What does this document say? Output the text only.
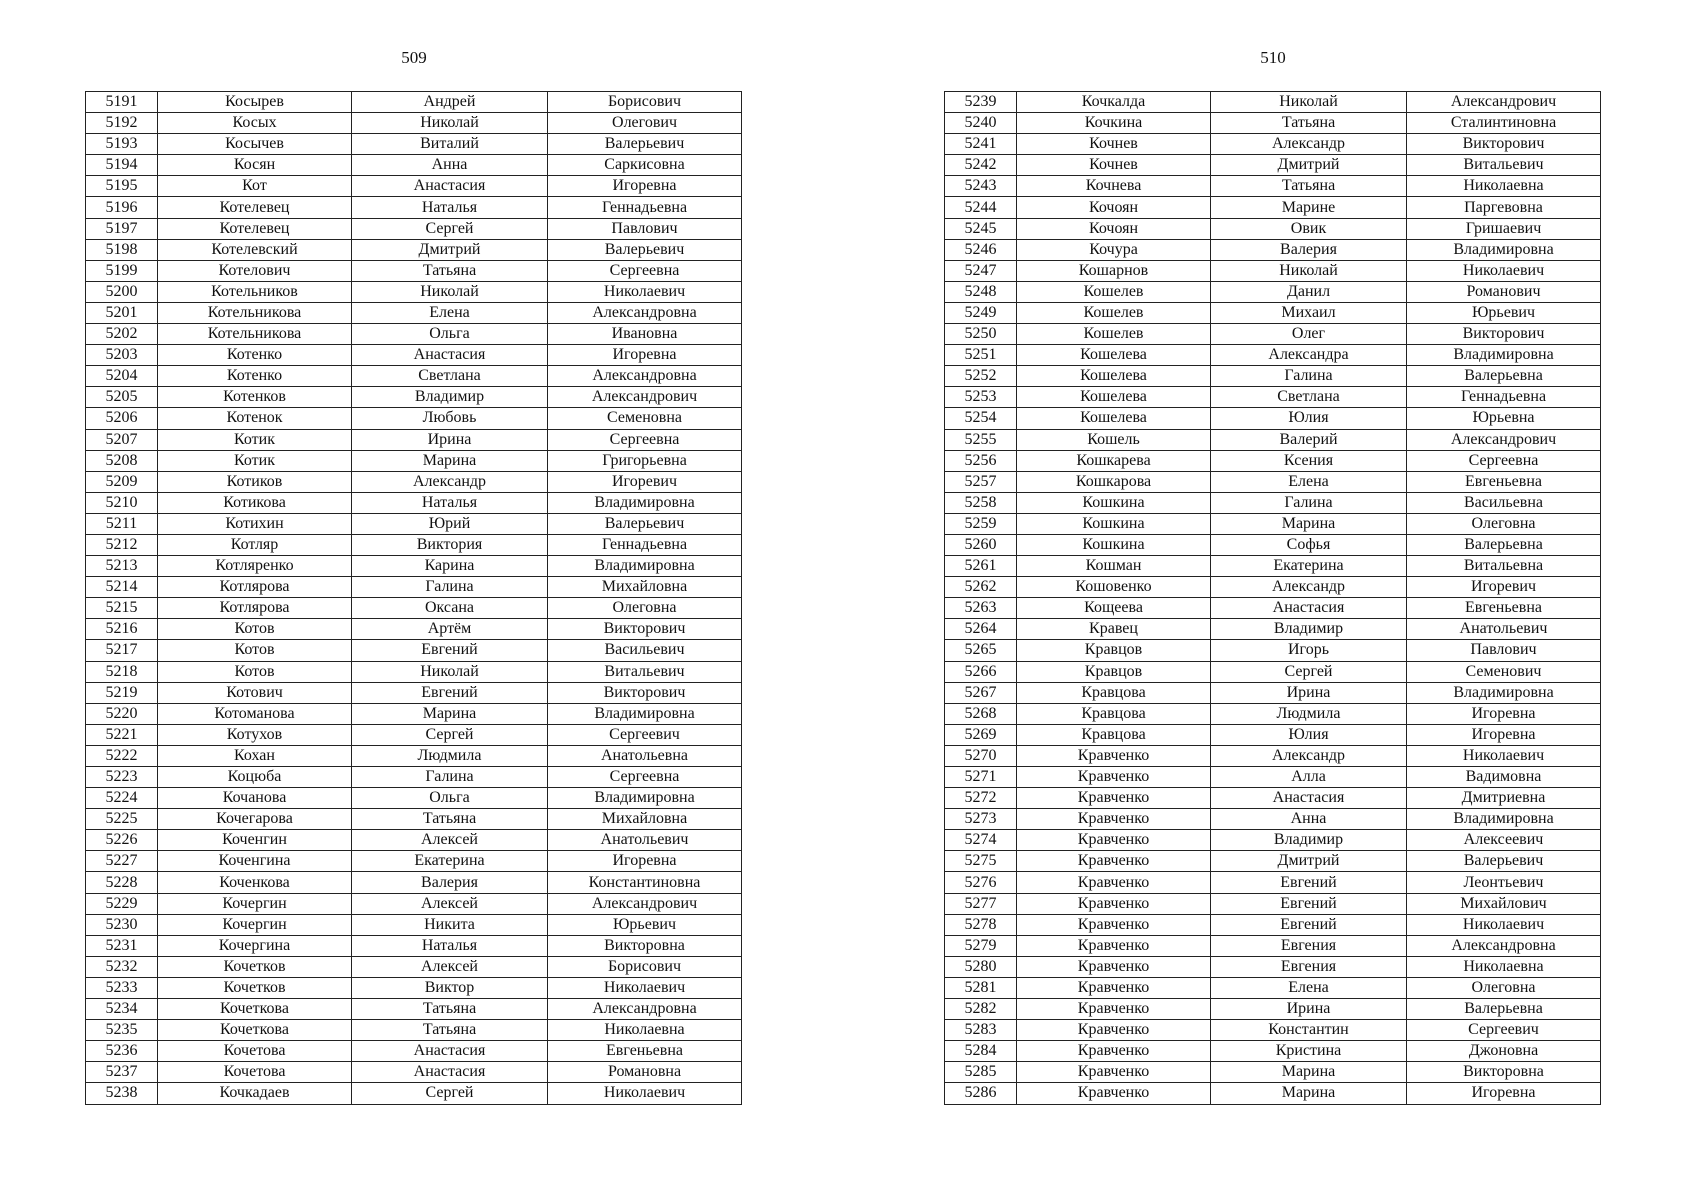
509
5191	Косырев	Андрей	Борисович
5192	Косых	Николай	Олегович
5193	Косычев	Виталий	Валерьевич
5194	Косян	Анна	Саркисовна
5195	Кот	Анастасия	Игоревна
5196	Котелевец	Наталья	Геннадьевна
5197	Котелевец	Сергей	Павлович
5198	Котелевский	Дмитрий	Валерьевич
5199	Котелович	Татьяна	Сергеевна
5200	Котельников	Николай	Николаевич
5201	Котельникова	Елена	Александровна
5202	Котельникова	Ольга	Ивановна
5203	Котенко	Анастасия	Игоревна
5204	Котенко	Светлана	Александровна
5205	Котенков	Владимир	Александрович
5206	Котенок	Любовь	Семеновна
5207	Котик	Ирина	Сергеевна
5208	Котик	Марина	Григорьевна
5209	Котиков	Александр	Игоревич
5210	Котикова	Наталья	Владимировна
5211	Котихин	Юрий	Валерьевич
5212	Котляр	Виктория	Геннадьевна
5213	Котляренко	Карина	Владимировна
5214	Котлярова	Галина	Михайловна
5215	Котлярова	Оксана	Олеговна
5216	Котов	Артём	Викторович
5217	Котов	Евгений	Васильевич
5218	Котов	Николай	Витальевич
5219	Котович	Евгений	Викторович
5220	Котоманова	Марина	Владимировна
5221	Котухов	Сергей	Сергеевич
5222	Кохан	Людмила	Анатольевна
5223	Коцюба	Галина	Сергеевна
5224	Кочанова	Ольга	Владимировна
5225	Кочегарова	Татьяна	Михайловна
5226	Коченгин	Алексей	Анатольевич
5227	Коченгина	Екатерина	Игоревна
5228	Коченкова	Валерия	Константиновна
5229	Кочергин	Алексей	Александрович
5230	Кочергин	Никита	Юрьевич
5231	Кочергина	Наталья	Викторовна
5232	Кочетков	Алексей	Борисович
5233	Кочетков	Виктор	Николаевич
5234	Кочеткова	Татьяна	Александровна
5235	Кочеткова	Татьяна	Николаевна
5236	Кочетова	Анастасия	Евгеньевна
5237	Кочетова	Анастасия	Романовна
5238	Кочкадаев	Сергей	Николаевич
510
5239	Кочкалда	Николай	Александрович
5240	Кочкина	Татьяна	Сталинтиновна
5241	Кочнев	Александр	Викторович
5242	Кочнев	Дмитрий	Витальевич
5243	Кочнева	Татьяна	Николаевна
5244	Кочоян	Марине	Паргевовна
5245	Кочоян	Овик	Гришаевич
5246	Кочура	Валерия	Владимировна
5247	Кошарнов	Николай	Николаевич
5248	Кошелев	Данил	Романович
5249	Кошелев	Михаил	Юрьевич
5250	Кошелев	Олег	Викторович
5251	Кошелева	Александра	Владимировна
5252	Кошелева	Галина	Валерьевна
5253	Кошелева	Светлана	Геннадьевна
5254	Кошелева	Юлия	Юрьевна
5255	Кошель	Валерий	Александрович
5256	Кошкарева	Ксения	Сергеевна
5257	Кошкарова	Елена	Евгеньевна
5258	Кошкина	Галина	Васильевна
5259	Кошкина	Марина	Олеговна
5260	Кошкина	Софья	Валерьевна
5261	Кошман	Екатерина	Витальевна
5262	Кошовенко	Александр	Игоревич
5263	Кощеева	Анастасия	Евгеньевна
5264	Кравец	Владимир	Анатольевич
5265	Кравцов	Игорь	Павлович
5266	Кравцов	Сергей	Семенович
5267	Кравцова	Ирина	Владимировна
5268	Кравцова	Людмила	Игоревна
5269	Кравцова	Юлия	Игоревна
5270	Кравченко	Александр	Николаевич
5271	Кравченко	Алла	Вадимовна
5272	Кравченко	Анастасия	Дмитриевна
5273	Кравченко	Анна	Владимировна
5274	Кравченко	Владимир	Алексеевич
5275	Кравченко	Дмитрий	Валерьевич
5276	Кравченко	Евгений	Леонтьевич
5277	Кравченко	Евгений	Михайлович
5278	Кравченко	Евгений	Николаевич
5279	Кравченко	Евгения	Александровна
5280	Кравченко	Евгения	Николаевна
5281	Кравченко	Елена	Олеговна
5282	Кравченко	Ирина	Валерьевна
5283	Кравченко	Константин	Сергеевич
5284	Кравченко	Кристина	Джоновна
5285	Кравченко	Марина	Викторовна
5286	Кравченко	Марина	Игоревна
